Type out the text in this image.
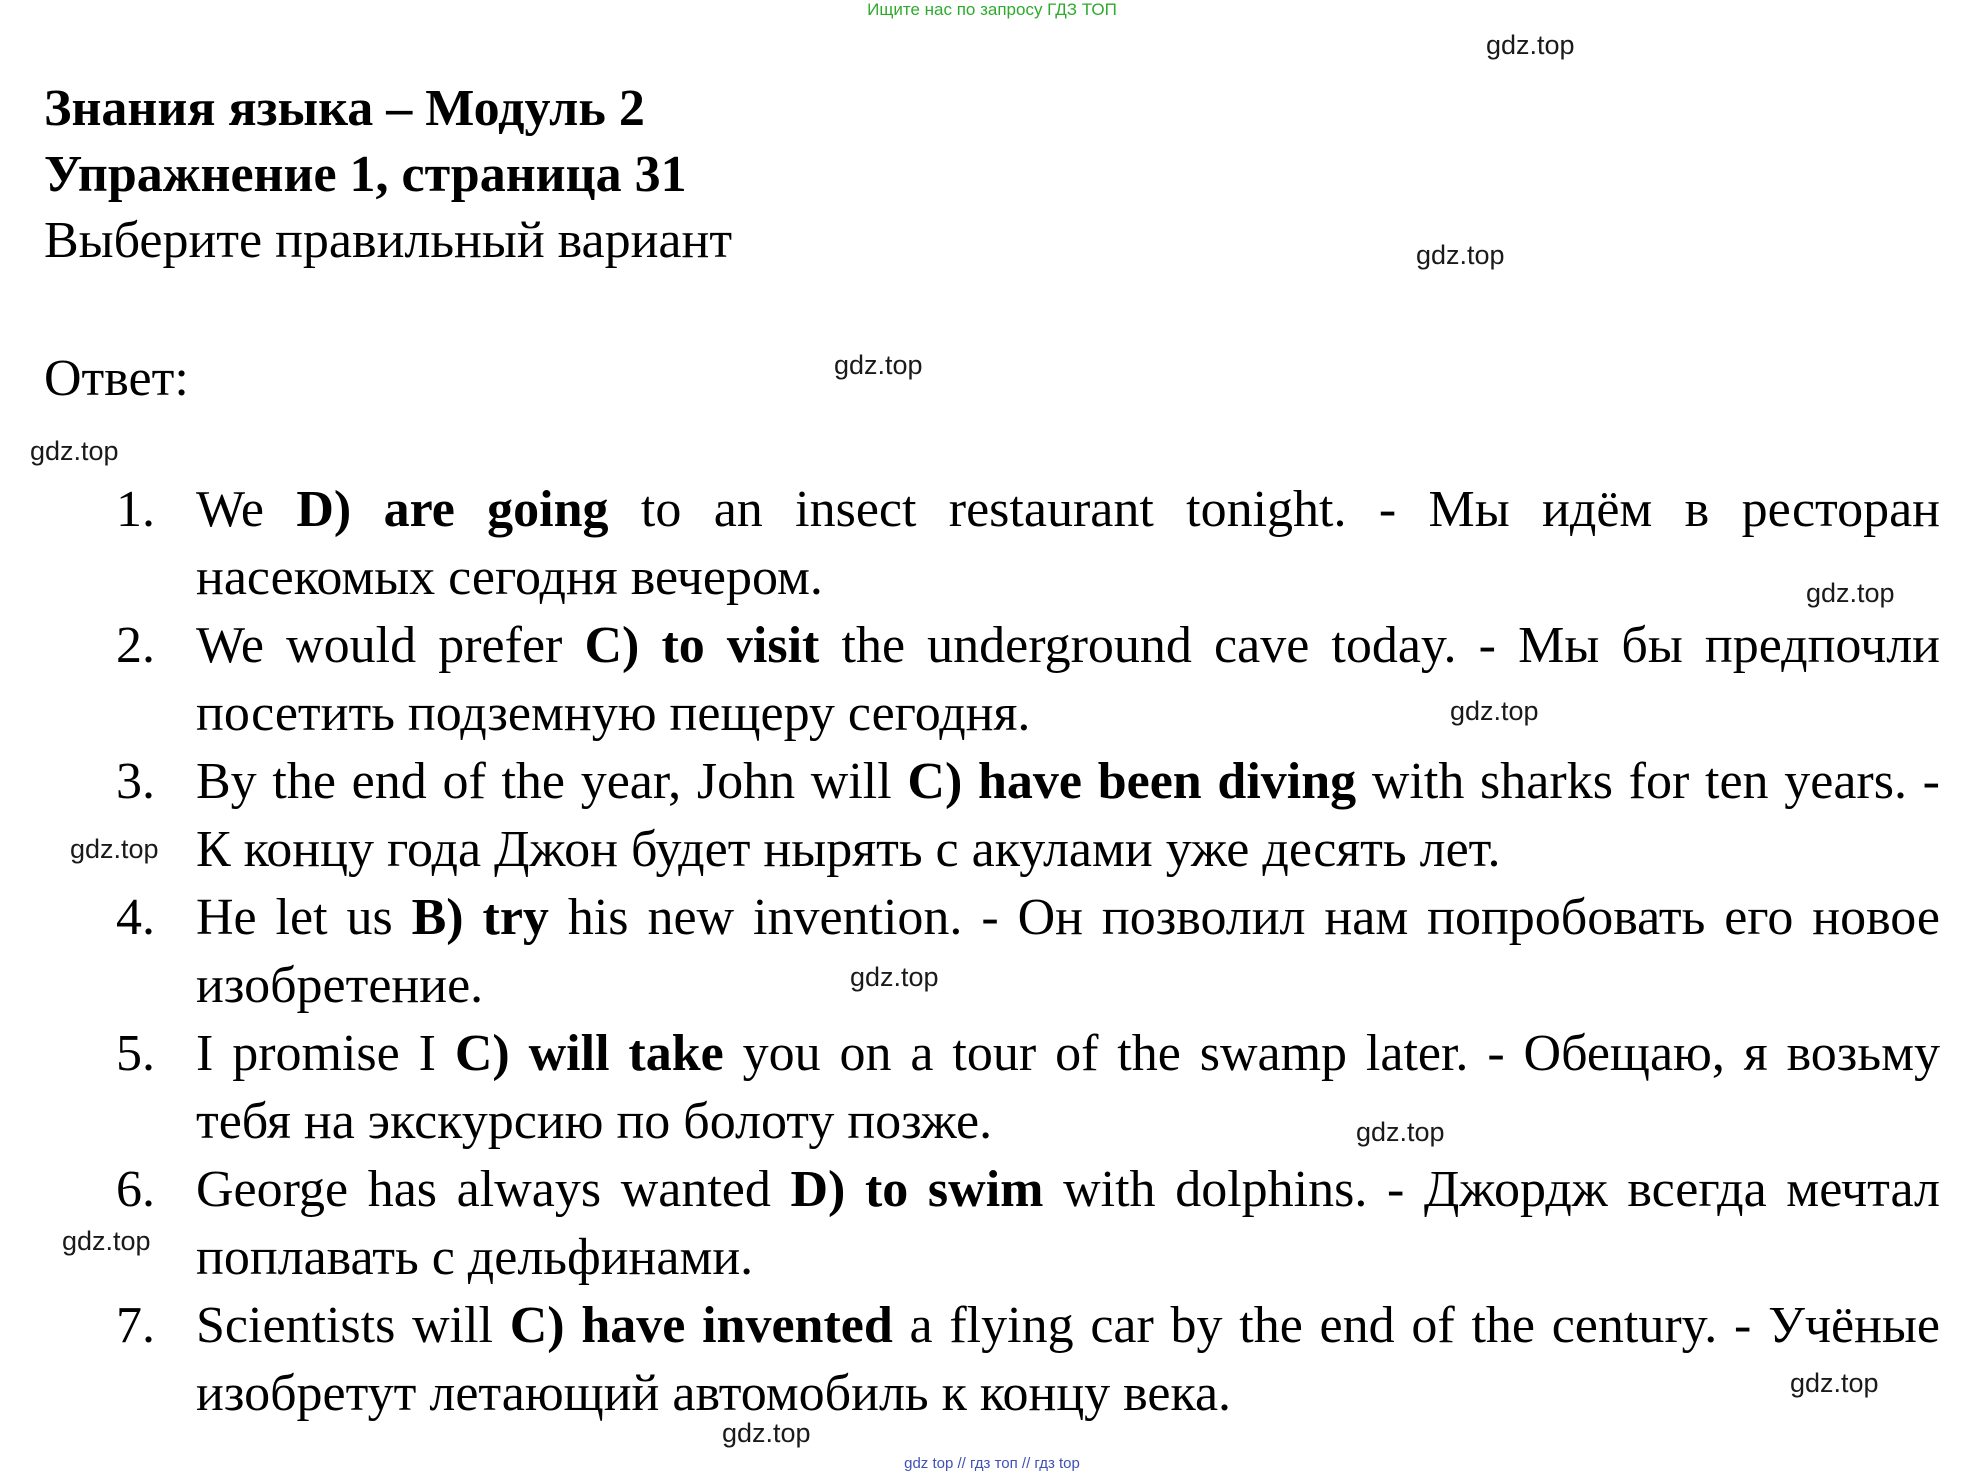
Ищите нас по запросу ГДЗ ТОП
gdz.top
gdz.top
gdz.top
gdz.top
gdz.top
gdz.top
gdz.top
gdz.top
gdz.top
gdz.top
gdz.top
gdz.top
Знания языка – Модуль 2
Упражнение 1, страница 31
Выберите правильный вариант
Ответ:
1. We D) are going to an insect restaurant tonight. - Мы идём в ресторан насекомых сегодня вечером.
2. We would prefer C) to visit the underground cave today. - Мы бы предпочли посетить подземную пещеру сегодня.
3. By the end of the year, John will C) have been diving with sharks for ten years. - К концу года Джон будет нырять с акулами уже десять лет.
4. He let us B) try his new invention. - Он позволил нам попробовать его новое изобретение.
5. I promise I C) will take you on a tour of the swamp later. - Обещаю, я возьму тебя на экскурсию по болоту позже.
6. George has always wanted D) to swim with dolphins. - Джордж всегда мечтал поплавать с дельфинами.
7. Scientists will C) have invented a flying car by the end of the century. - Учёные изобретут летающий автомобиль к концу века.
gdz top // гдз топ // гдз top
